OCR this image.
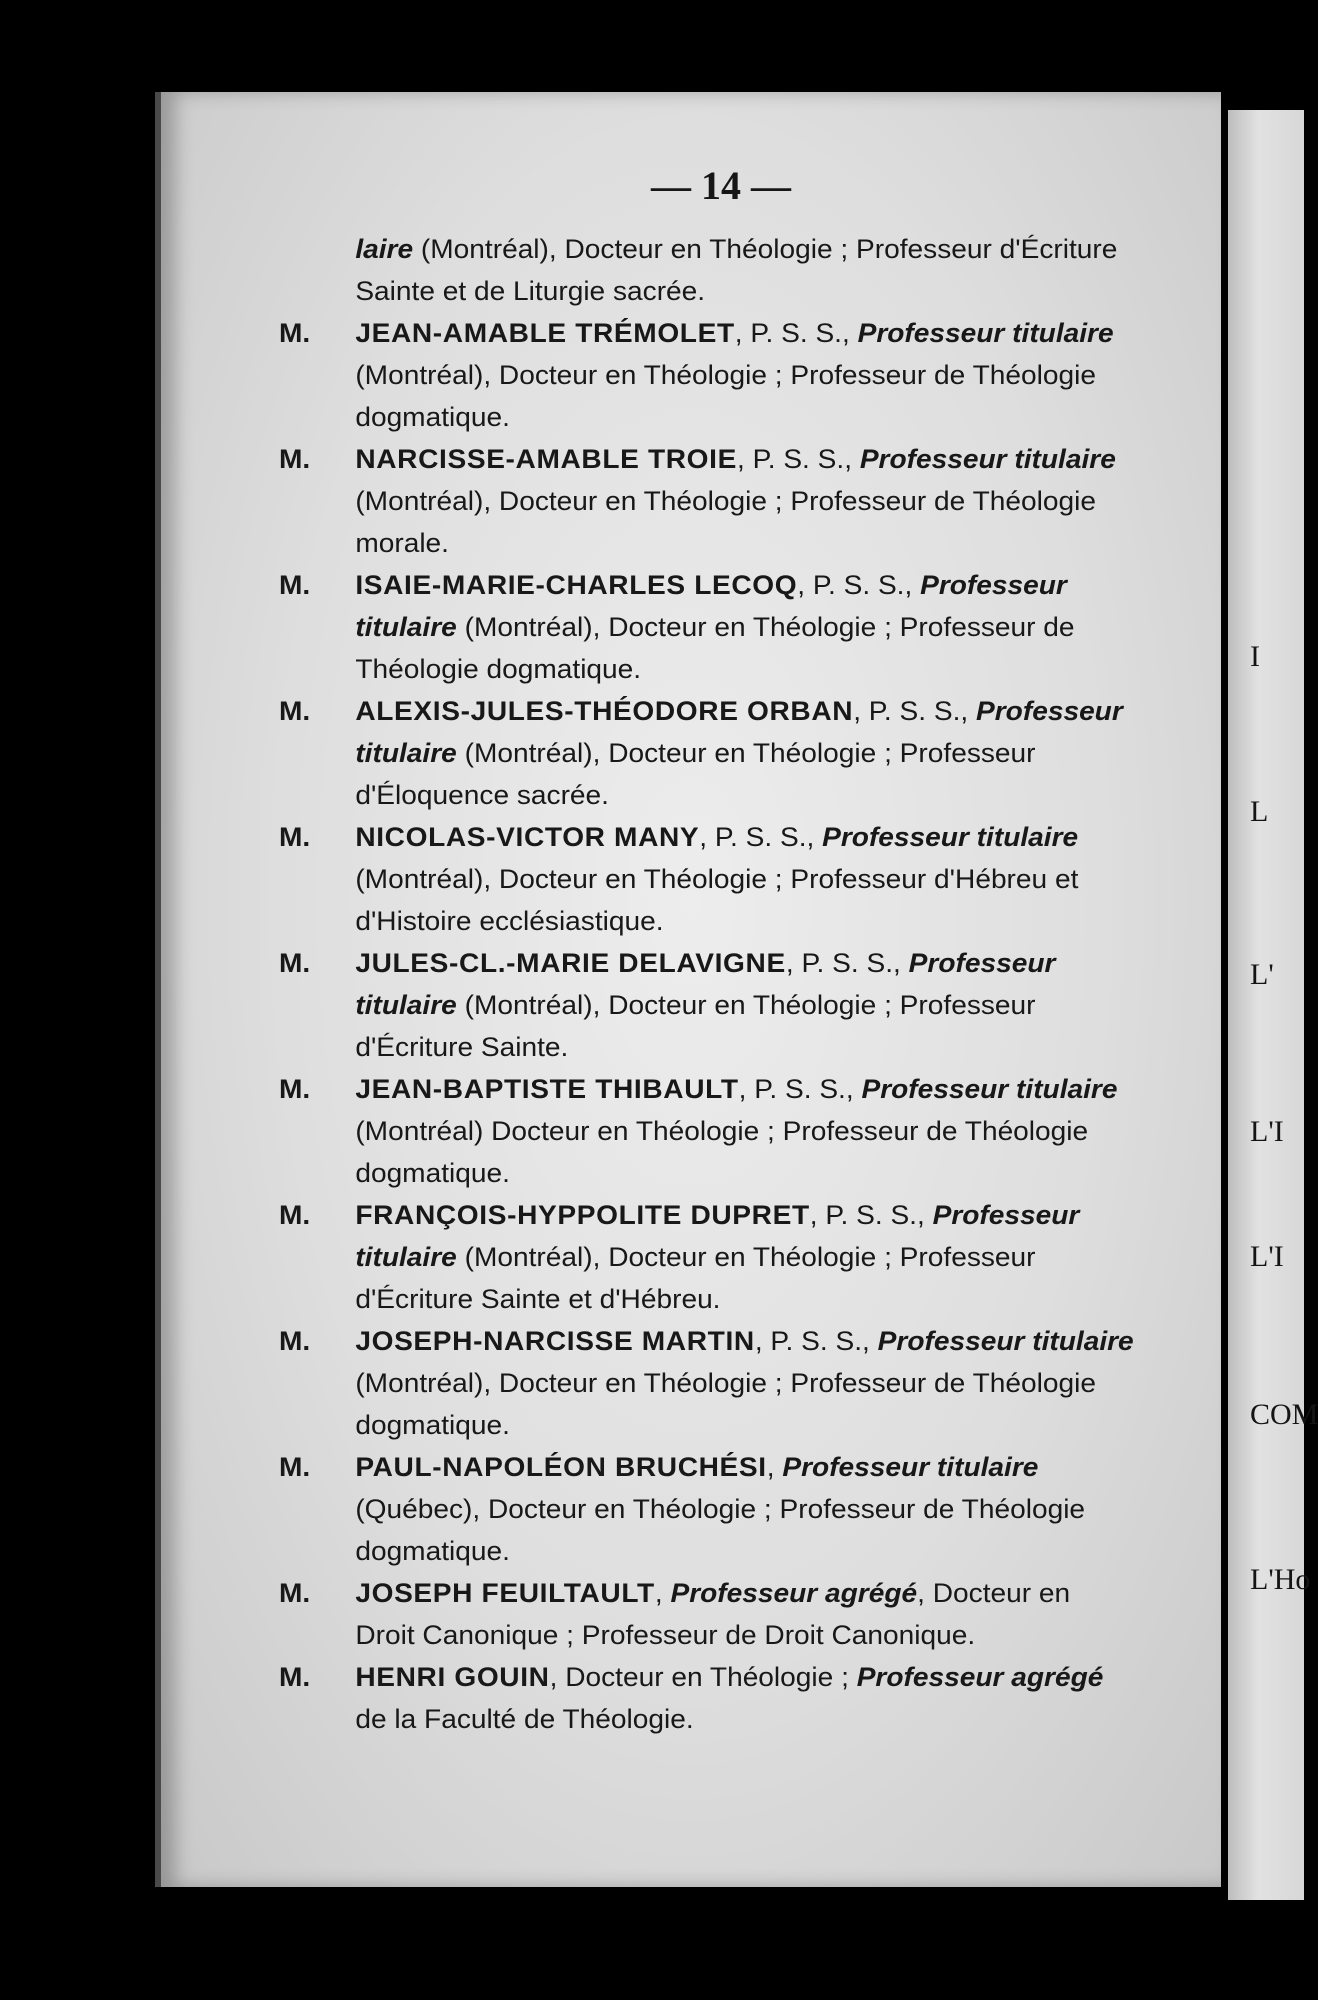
— 14 —

laire (Montréal), Docteur en Théologie ; Professeur d'Écriture Sainte et de Liturgie sacrée.

M. JEAN-AMABLE TRÉMOLET, P. S. S., Professeur titulaire (Montréal), Docteur en Théologie ; Professeur de Théologie dogmatique.

M. NARCISSE-AMABLE TROIE, P. S. S., Professeur titulaire (Montréal), Docteur en Théologie ; Professeur de Théologie morale.

M. ISAIE-MARIE-CHARLES LECOQ, P. S. S., Professeur titulaire (Montréal), Docteur en Théologie ; Professeur de Théologie dogmatique.

M. ALEXIS-JULES-THÉODORE ORBAN, P. S. S., Professeur titulaire (Montréal), Docteur en Théologie ; Professeur d'Éloquence sacrée.

M. NICOLAS-VICTOR MANY, P. S. S., Professeur titulaire (Montréal), Docteur en Théologie ; Professeur d'Hébreu et d'Histoire ecclésiastique.

M. JULES-CL.-MARIE DELAVIGNE, P. S. S., Professeur titulaire (Montréal), Docteur en Théologie ; Professeur d'Écriture Sainte.

M. JEAN-BAPTISTE THIBAULT, P. S. S., Professeur titulaire (Montréal) Docteur en Théologie ; Professeur de Théologie dogmatique.

M. FRANÇOIS-HYPPOLITE DUPRET, P. S. S., Professeur titulaire (Montréal), Docteur en Théologie ; Professeur d'Écriture Sainte et d'Hébreu.

M. JOSEPH-NARCISSE MARTIN, P. S. S., Professeur titulaire (Montréal), Docteur en Théologie ; Professeur de Théologie dogmatique.

M. PAUL-NAPOLÉON BRUCHÉSI, Professeur titulaire (Québec), Docteur en Théologie ; Professeur de Théologie dogmatique.

M. JOSEPH FEUILTAULT, Professeur agrégé, Docteur en Droit Canonique ; Professeur de Droit Canonique.

M. HENRI GOUIN, Docteur en Théologie ; Professeur agrégé de la Faculté de Théologie.

I
L
L'
L'I
L'I
COM
L'Ho
